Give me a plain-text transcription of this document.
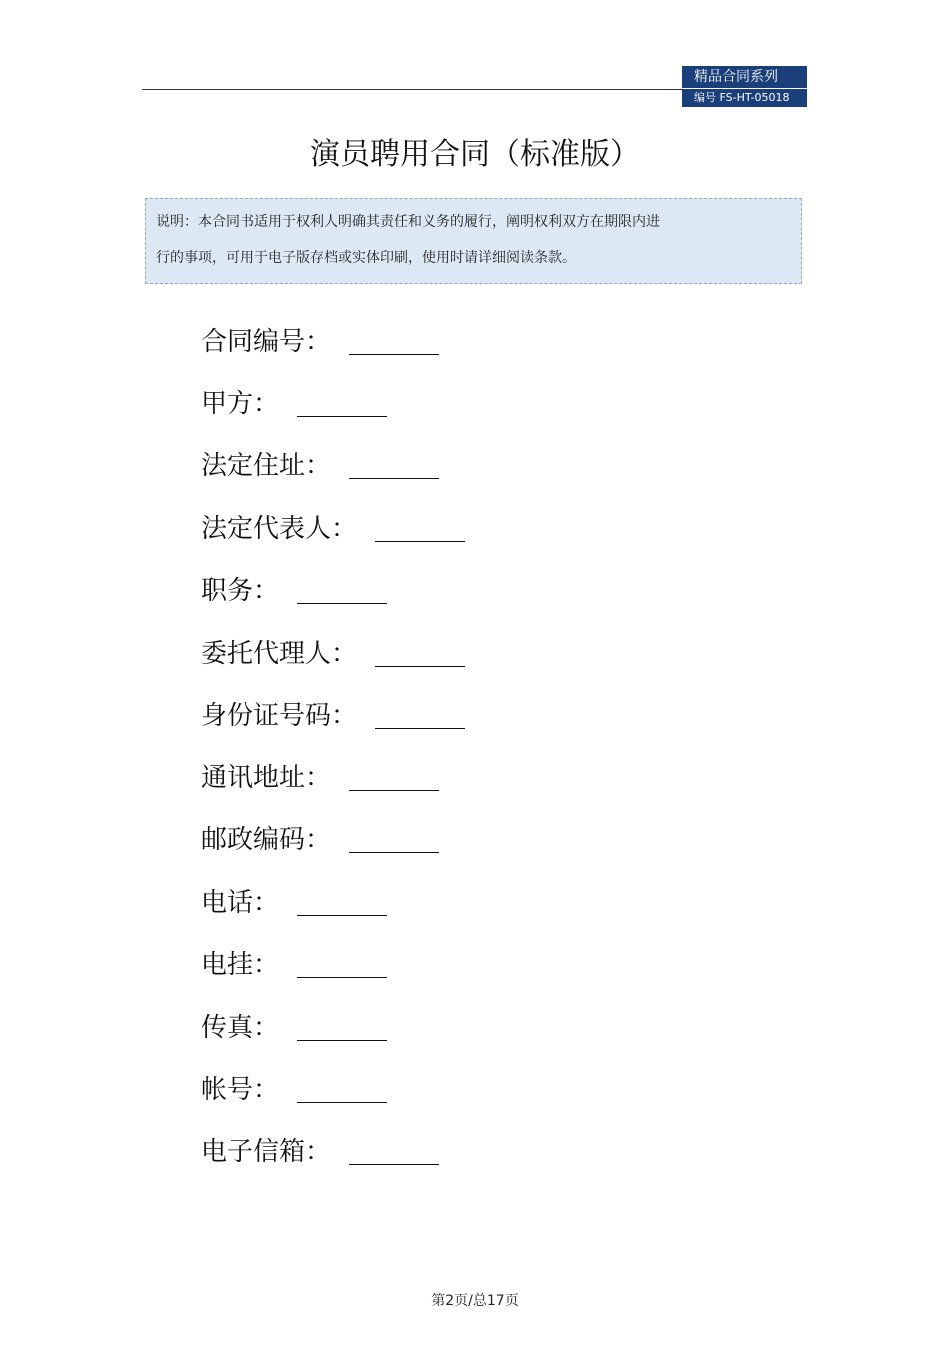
精品合同系列
编号 FS-HT-05018
演员聘用合同（标准版）
说明：本合同书适用于权利人明确其责任和义务的履行，阐明权利双方在期限内进
行的事项，可用于电子版存档或实体印刷，使用时请详细阅读条款。
合同编号：
甲方：
法定住址：
法定代表人：
职务：
委托代理人：
身份证号码：
通讯地址：
邮政编码：
电话：
电挂：
传真：
帐号：
电子信箱：
第2页/总17页
